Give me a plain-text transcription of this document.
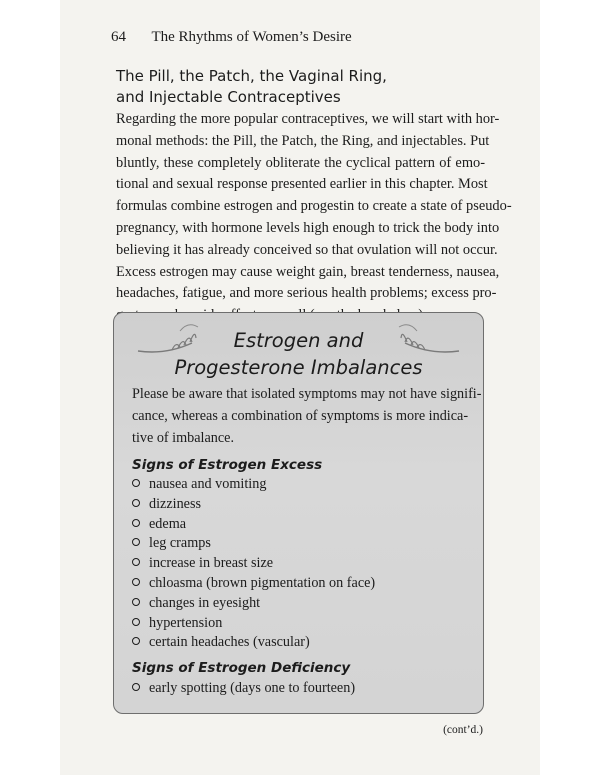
64 The Rhythms of Women’s Desire
The Pill, the Patch, the Vaginal Ring,
and Injectable Contraceptives
Regarding the more popular contraceptives, we will start with hor-
monal methods: the Pill, the Patch, the Ring, and injectables. Put
bluntly, these completely obliterate the cyclical pattern of emo-
tional and sexual response presented earlier in this chapter. Most
formulas combine estrogen and progestin to create a state of pseudo-
pregnancy, with hormone levels high enough to trick the body into
believing it has already conceived so that ovulation will not occur.
Excess estrogen may cause weight gain, breast tenderness, nausea,
headaches, fatigue, and more serious health problems; excess pro-
Estrogen and
Progesterone Imbalances
Please be aware that isolated symptoms may not have signifi-
cance, whereas a combination of symptoms is more indica-
tive of imbalance.
Signs of Estrogen Excess
nausea and vomiting
dizziness
edema
leg cramps
increase in breast size
chloasma (brown pigmentation on face)
changes in eyesight
hypertension
certain headaches (vascular)
Signs of Estrogen Deficiency
early spotting (days one to fourteen)
(cont’d.)
